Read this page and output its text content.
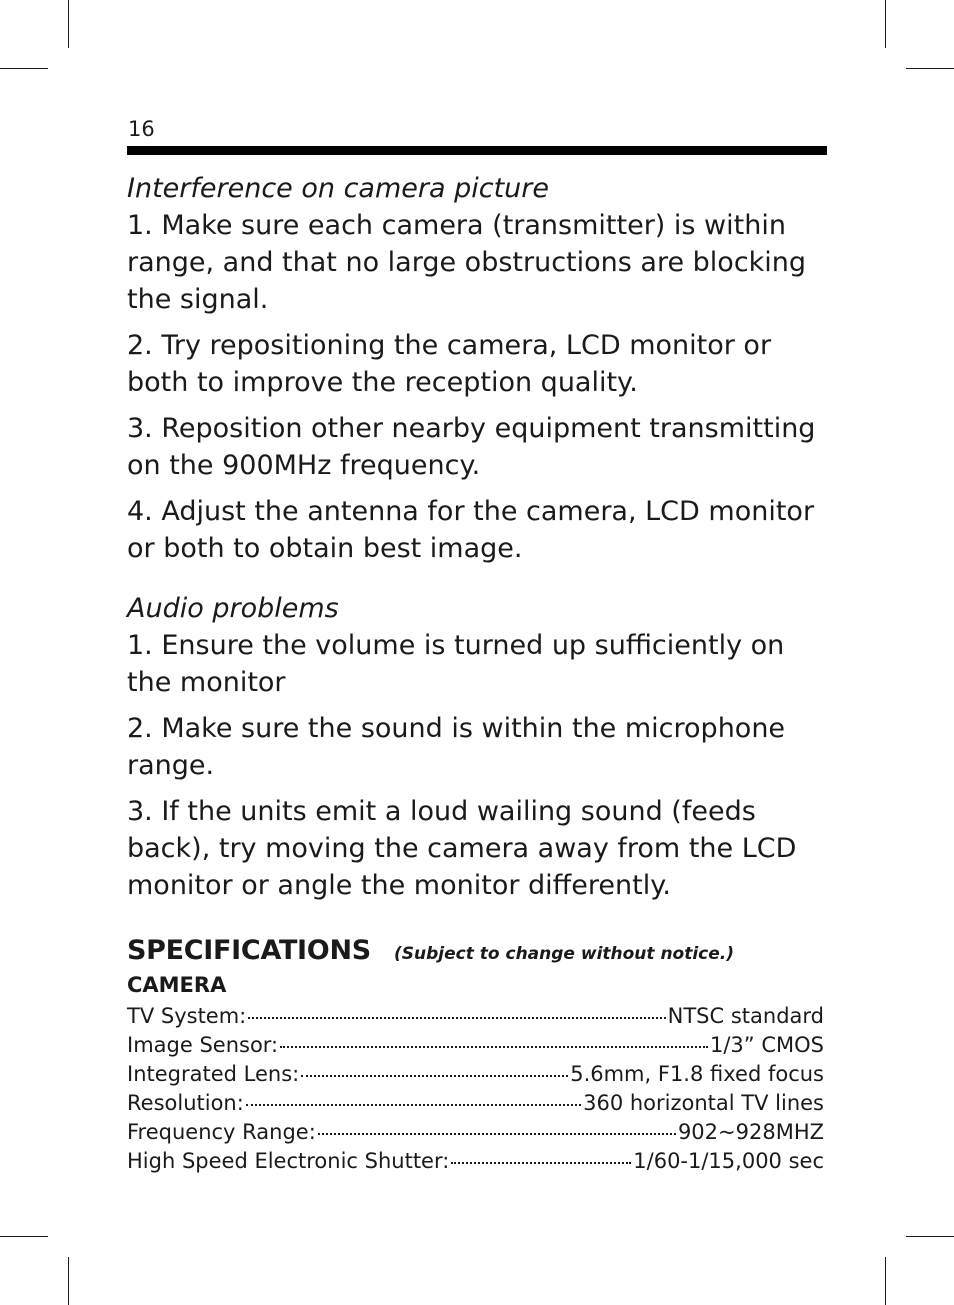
16
Interference on camera picture

1. Make sure each camera (transmitter) is within range, and that no large obstructions are blocking the signal.

2. Try repositioning the camera, LCD monitor or both to improve the reception quality.

3. Reposition other nearby equipment transmitting on the 900MHz frequency.

4. Adjust the antenna for the camera, LCD monitor or both to obtain best image.

Audio problems

1. Ensure the volume is turned up sufficiently on the monitor

2. Make sure the sound is within the microphone range.

3. If the units emit a loud wailing sound (feeds back), try moving the camera away from the LCD monitor or angle the monitor differently.

SPECIFICATIONS (Subject to change without notice.)
CAMERA
TV System:	NTSC standard
Image Sensor:	1/3” CMOS
Integrated Lens:	5.6mm, F1.8 fixed focus
Resolution:	360 horizontal TV lines
Frequency Range:	902~928MHZ
High Speed Electronic Shutter:	1/60-1/15,000 sec
